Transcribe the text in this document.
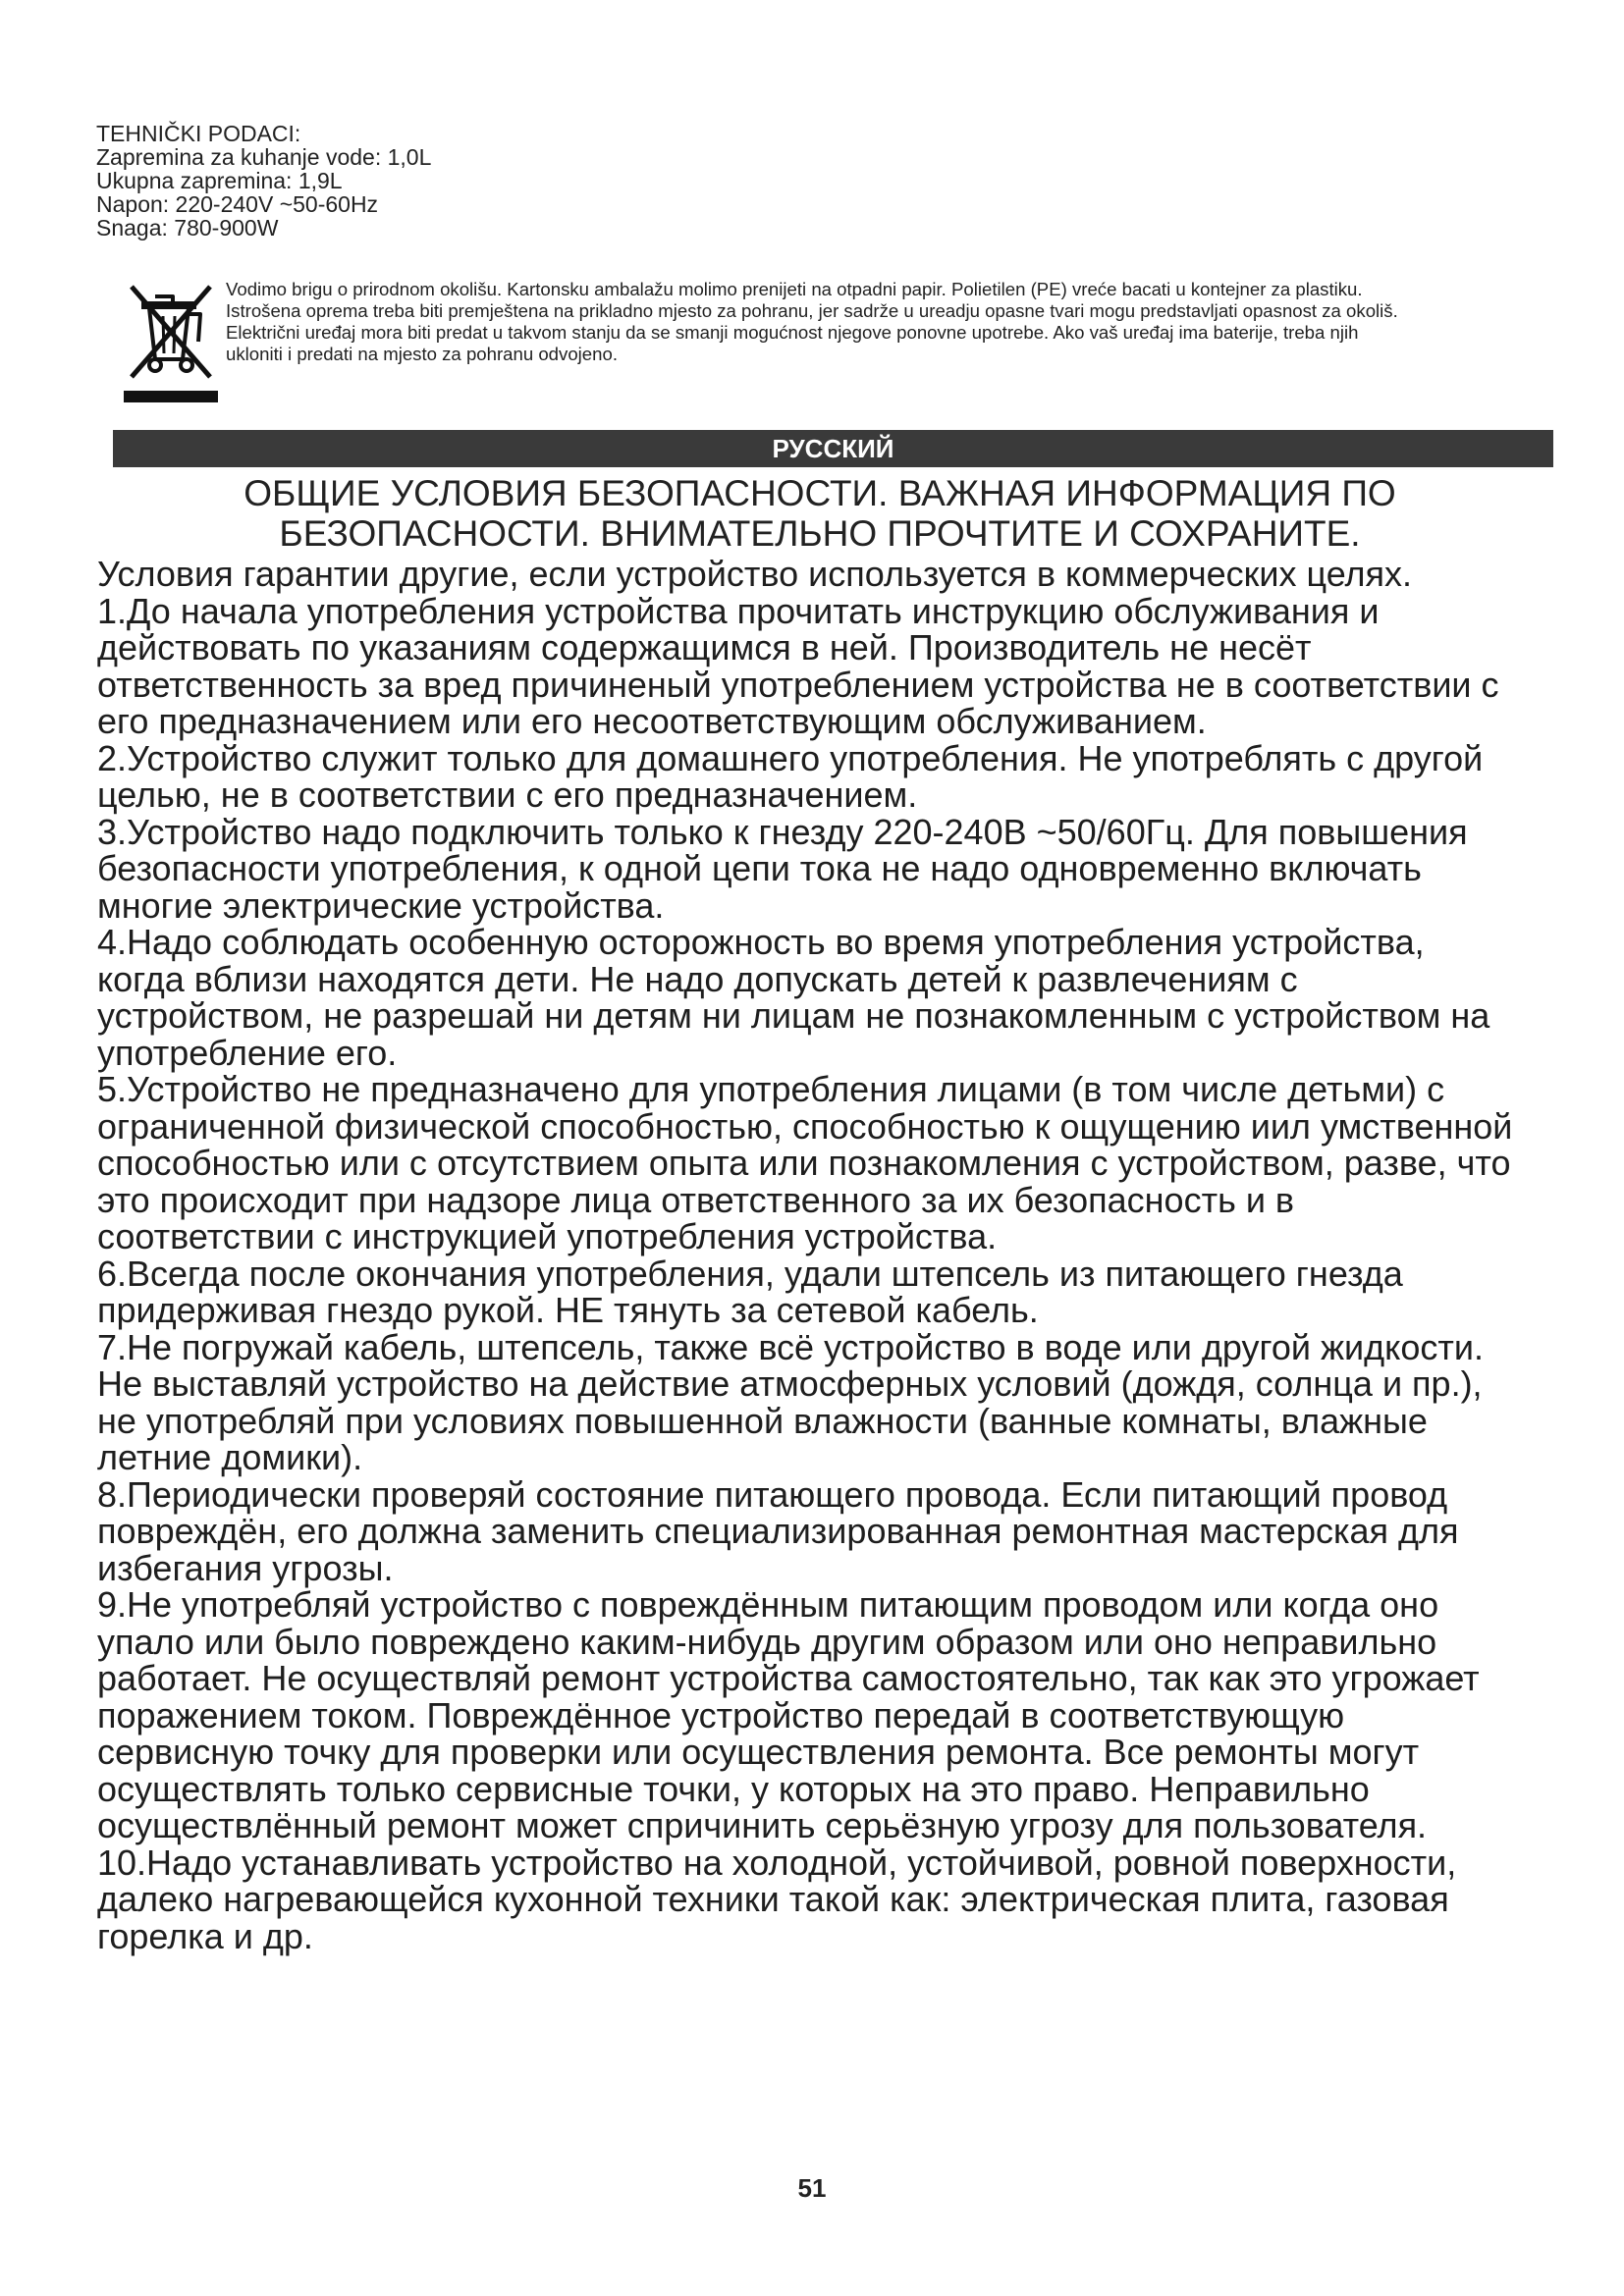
TEHNIČKI PODACI:
Zapremina za kuhanje vode: 1,0L
Ukupna zapremina: 1,9L
Napon: 220-240V ~50-60Hz
Snaga: 780-900W
Vodimo brigu o prirodnom okolišu. Kartonsku ambalažu molimo prenijeti na otpadni papir. Polietilen (PE) vreće bacati u kontejner za plastiku.
Istrošena oprema treba biti premještena na prikladno mjesto za pohranu, jer sadrže u ureadju opasne tvari mogu predstavljati opasnost za okoliš.
Električni uređaj mora biti predat u takvom stanju da se smanji mogućnost njegove ponovne upotrebe. Ako vaš uređaj ima baterije, treba njih
ukloniti i predati na mjesto za pohranu odvojeno.
РУССКИЙ
ОБЩИЕ УСЛОВИЯ БЕЗОПАСНОСТИ. ВАЖНАЯ ИНФОРМАЦИЯ ПО
БЕЗОПАСНОСТИ. ВНИМАТЕЛЬНО ПРОЧТИТЕ И СОХРАНИТЕ.
Условия гарантии другие, если устройство используется в коммерческих целях.
1.До начала употребления устройства прочитать инструкцию обслуживания и
действовать по указаниям содержащимся в ней. Производитель не несёт
ответственность за вред причиненый употреблением устройства не в соответствии с
его предназначением или его несоответствующим обслуживанием.
2.Устройство служит только для домашнего употребления. Не употреблять с другой
целью, не в соответствии с его предназначением.
3.Устройство надо подключить только к гнезду 220-240В ~50/60Гц. Для повышения
безопасности употребления, к одной цепи тока не надо одновременно включать
многие электрические устройства.
4.Надо соблюдать особенную осторожность во время употребления устройства,
когда вблизи находятся дети. Не надо допускать детей к развлечениям с
устройством, не разрешай ни детям ни лицам не познакомленным с устройством на
употребление его.
5.Устройство не предназначено для употребления лицами (в том числе детьми) с
ограниченной физической способностью, способностью к ощущению иил умственной
способностью или с отсутствием опыта или познакомления с устройством, разве, что
это происходит при надзоре лица ответственного за их безопасность и в
соответствии с инструкцией употребления устройства.
6.Всегда после окончания употребления, удали штепсель из питающего гнезда
придерживая гнездо рукой. НЕ тянуть за сетевой кабель.
7.Не погружай кабель, штепсель, также всё устройство в воде или другой жидкости.
Не выставляй устройство на действие атмосферных условий (дождя, солнца и пр.),
не употребляй при условиях повышенной влажности (ванные комнаты, влажные
летние домики).
8.Периодически проверяй состояние питающего провода. Если питающий провод
повреждён, его должна заменить специализированная ремонтная мастерская для
избегания угрозы.
9.Не употребляй устройство с повреждённым питающим проводом или когда оно
упало или было повреждено каким-нибудь другим образом или оно неправильно
работает. Не осуществляй ремонт устройства самостоятельно, так как это угрожает
поражением током. Повреждённое устройство передай в соответствующую
сервисную точку для проверки или осуществления ремонта. Все ремонты могут
осуществлять только сервисные точки, у которых на это право. Неправильно
осуществлённый ремонт может спричинить серьёзную угрозу для пользователя.
10.Надо устанавливать устройство на холодной, устойчивой, ровной поверхности,
далеко нагревающейся кухонной техники такой как: электрическая плита, газовая
горелка и др.
51
